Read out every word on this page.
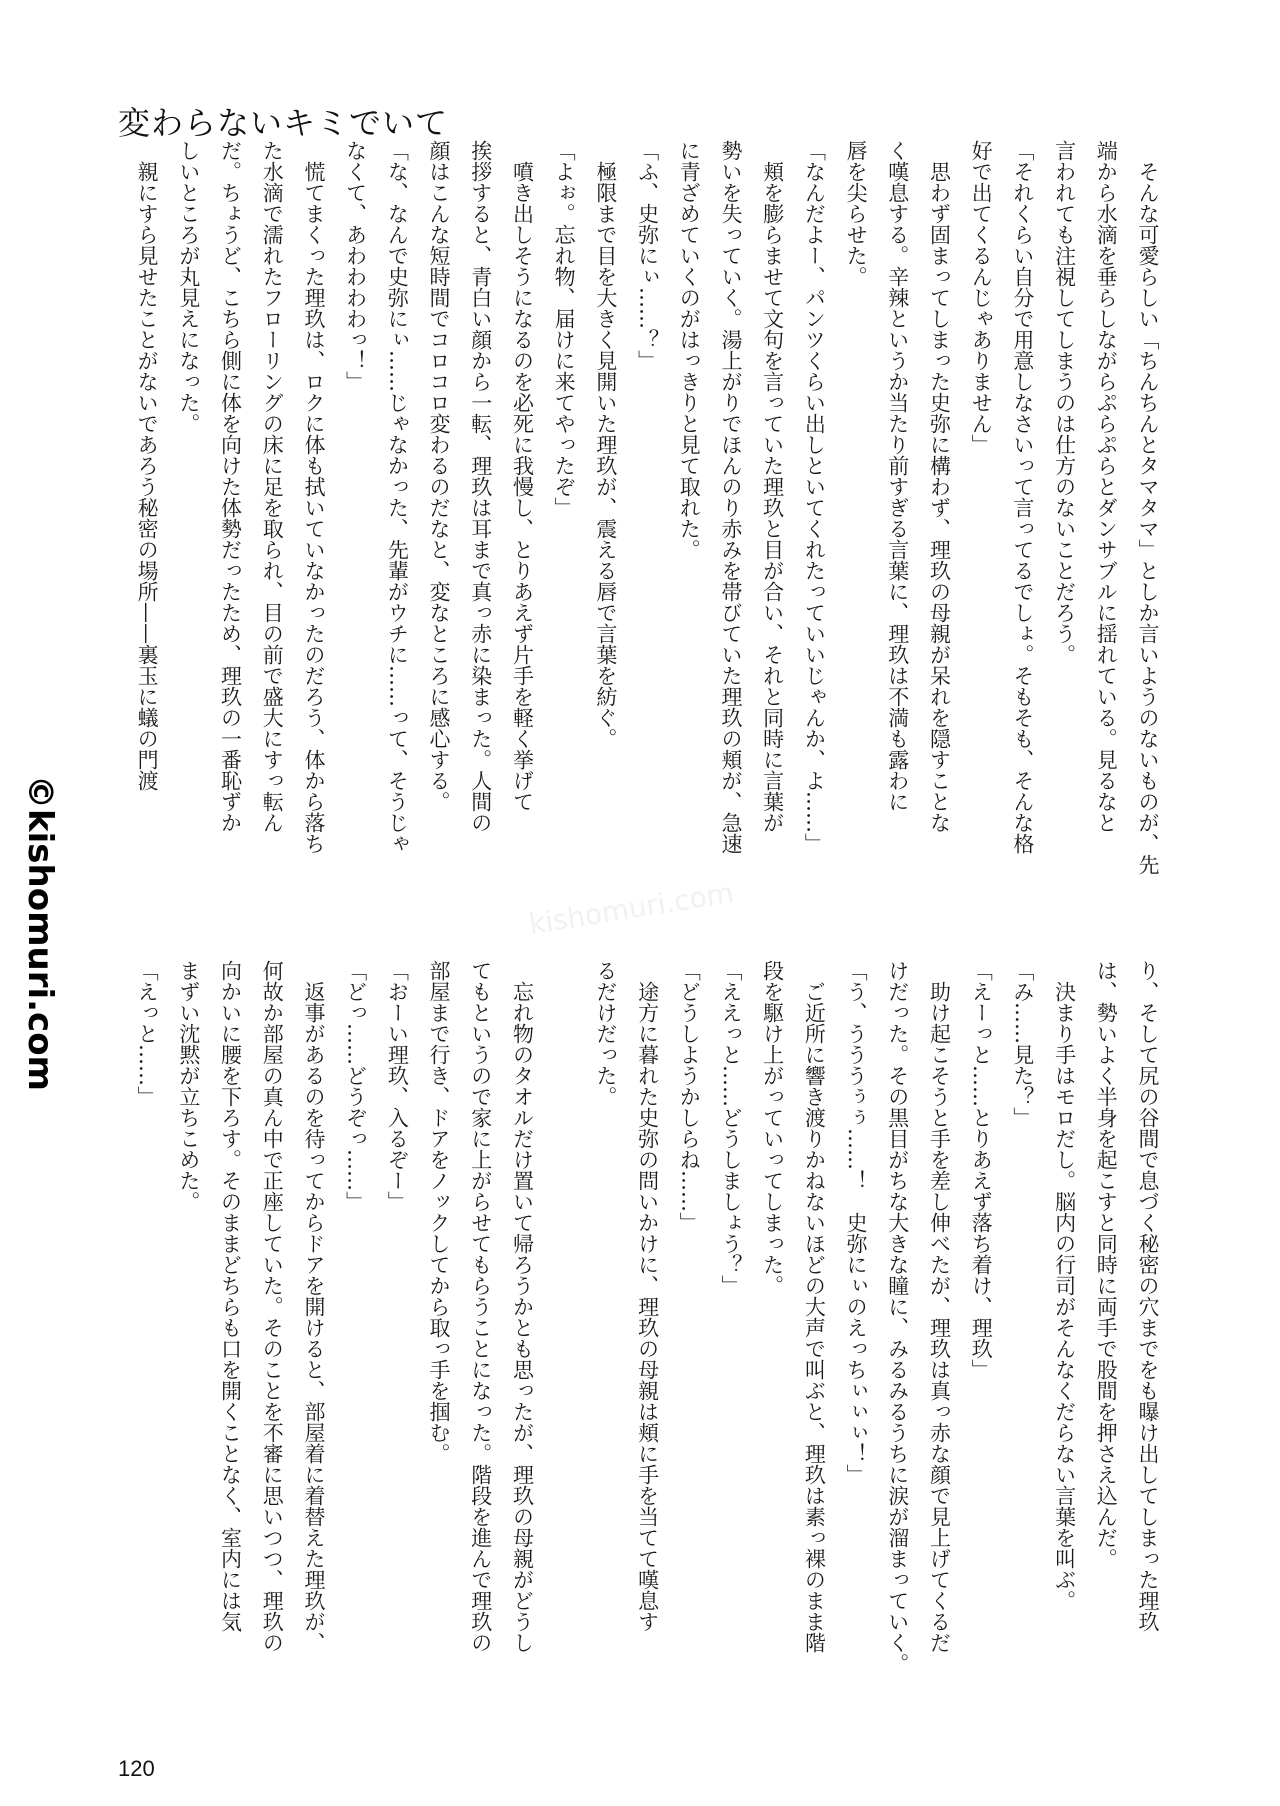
変わらないキミでいて
　そんな可愛らしい「ちんちんとタマタマ」としか言いようのないものが、先
端から水滴を垂らしながらぷらぷらとダンサブルに揺れている。見るなと
言われても注視してしまうのは仕方のないことだろう。
「それくらい自分で用意しなさいって言ってるでしょ。そもそも、そんな格
好で出てくるんじゃありません」
　思わず固まってしまった史弥に構わず、理玖の母親が呆れを隠すことな
く嘆息する。辛辣というか当たり前すぎる言葉に、理玖は不満も露わに
唇を尖らせた。
「なんだよー、パンツくらい出しといてくれたっていいじゃんか、よ……」
　頬を膨らませて文句を言っていた理玖と目が合い、それと同時に言葉が
勢いを失っていく。湯上がりでほんのり赤みを帯びていた理玖の頬が、急速
に青ざめていくのがはっきりと見て取れた。
「ふ、史弥にぃ……？」
　極限まで目を大きく見開いた理玖が、震える唇で言葉を紡ぐ。
「よぉ。忘れ物、届けに来てやったぞ」
　噴き出しそうになるのを必死に我慢し、とりあえず片手を軽く挙げて
挨拶すると、青白い顔から一転、理玖は耳まで真っ赤に染まった。人間の
顔はこんな短時間でコロコロ変わるのだなと、変なところに感心する。
「な、なんで史弥にぃ……じゃなかった、先輩がウチに……って、そうじゃ
なくて、あわわわわっ！」
　慌てまくった理玖は、ロクに体も拭いていなかったのだろう、体から落ち
た水滴で濡れたフローリングの床に足を取られ、目の前で盛大にすっ転ん
だ。ちょうど、こちら側に体を向けた体勢だったため、理玖の一番恥ずか
しいところが丸見えになった。
　親にすら見せたことがないであろう秘密の場所——裏玉に蟻の門渡
り、そして尻の谷間で息づく秘密の穴までをも曝け出してしまった理玖
は、勢いよく半身を起こすと同時に両手で股間を押さえ込んだ。
　決まり手はモロだし。脳内の行司がそんなくだらない言葉を叫ぶ。
「み……見た？」
「えーっと……とりあえず落ち着け、理玖」
　助け起こそうと手を差し伸べたが、理玖は真っ赤な顔で見上げてくるだ
けだった。その黒目がちな大きな瞳に、みるみるうちに涙が溜まっていく。
「う、うううぅぅ……！　史弥にぃのえっちぃぃぃ！」
　ご近所に響き渡りかねないほどの大声で叫ぶと、理玖は素っ裸のまま階
段を駆け上がっていってしまった。
「ええっと……どうしましょう？」
「どうしようかしらね……」
　途方に暮れた史弥の問いかけに、理玖の母親は頬に手を当てて嘆息す
るだけだった。
　忘れ物のタオルだけ置いて帰ろうかとも思ったが、理玖の母親がどうし
てもというので家に上がらせてもらうことになった。階段を進んで理玖の
部屋まで行き、ドアをノックしてから取っ手を掴む。
「おーい理玖、入るぞー」
「どっ……どうぞっ……」
　返事があるのを待ってからドアを開けると、部屋着に着替えた理玖が、
何故か部屋の真ん中で正座していた。そのことを不審に思いつつ、理玖の
向かいに腰を下ろす。そのままどちらも口を開くことなく、室内には気
まずい沈黙が立ちこめた。
「えっと……」
©kishomuri.com	kishomuri.com
120
